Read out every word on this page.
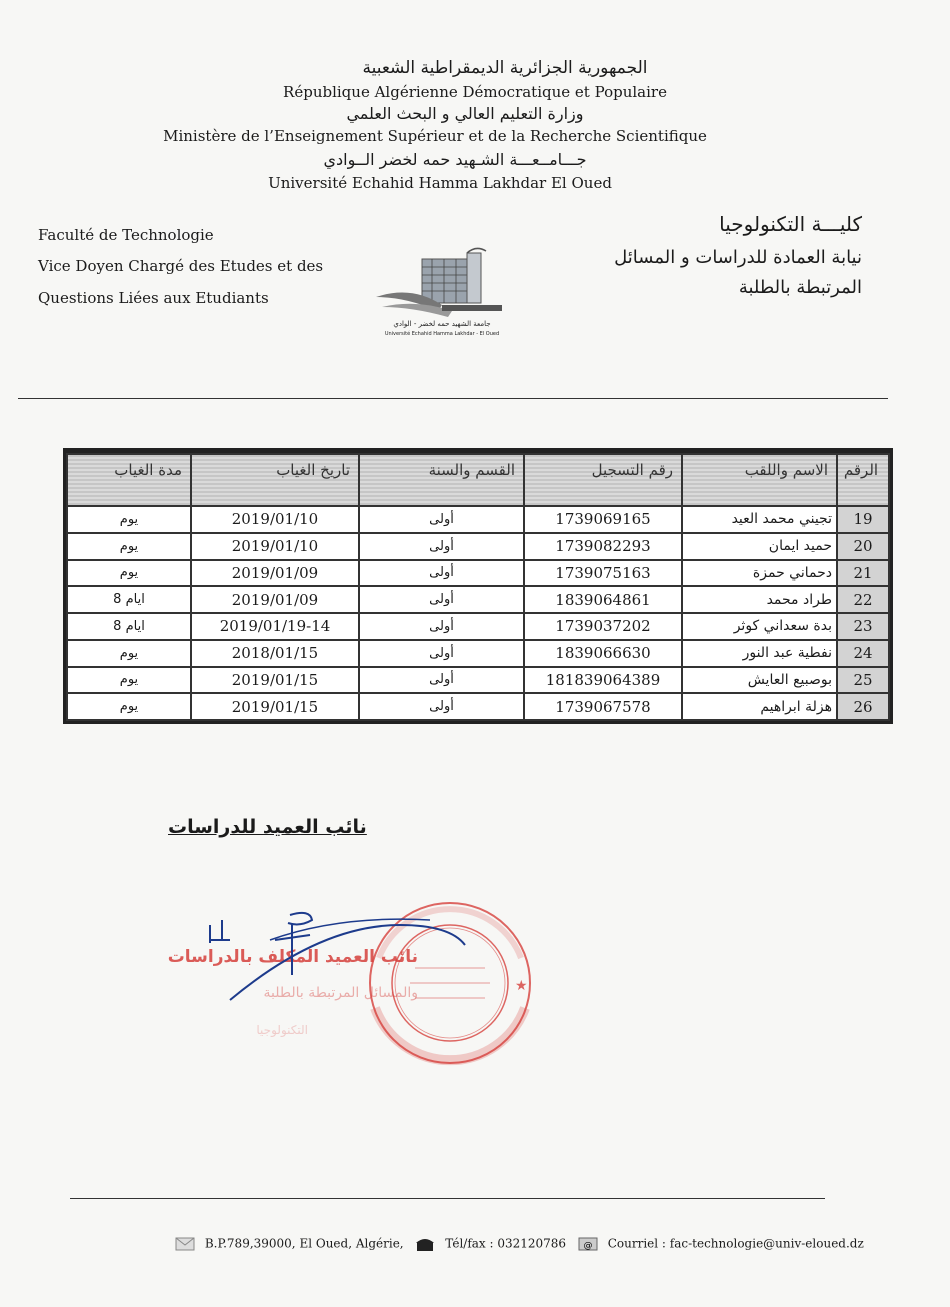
الجمهورية الجزائرية الديمقراطية الشعبية
République Algérienne Démocratique et Populaire
وزارة التعليم العالي و البحث العلمي
Ministère de l’Enseignement Supérieur et de la Recherche Scientifique
جـــامــعـــة الشـهيد حمه لخضر الــوادي
Université Echahid Hamma Lakhdar El Oued
Faculté de Technologie
Vice Doyen Chargé des Etudes et des
Questions Liées aux Etudiants
كليـــة التكنولوجيا
نيابة العمادة للدراسات و المسائل
المرتبطة بالطلبة
جامعة الشهيد حمه لخضر - الوادي
Université Echahid Hamma Lakhdar - El Oued
الرقم	الاسم واللقب	رقم التسجيل	القسم والسنة	تاريخ الغياب	مدة الغياب
19	تجيني محمد العيد	1739069165	أولى	2019/01/10	يوم
20	حميد ايمان	1739082293	أولى	2019/01/10	يوم
21	دحماني حمزة	1739075163	أولى	2019/01/09	يوم
22	طراد محمد	1839064861	أولى	2019/01/09	ايام 8
23	بدة سعداني كوثر	1739037202	أولى	2019/01/19-14	ايام 8
24	نفطية عبد النور	1839066630	أولى	2018/01/15	يوم
25	بوصبيع العايش	181839064389	أولى	2019/01/15	يوم
26	هزلة ابراهيم	1739067578	أولى	2019/01/15	يوم
نائب العميد للدراسات
نائب العميد المكلف بالدراسات
والمسائل المرتبطة بالطلبة
التكنولوجيا
★
B.P.789,39000, El Oued, Algérie,	Tél/fax : 032120786 @ Courriel : fac-technologie@univ-eloued.dz
